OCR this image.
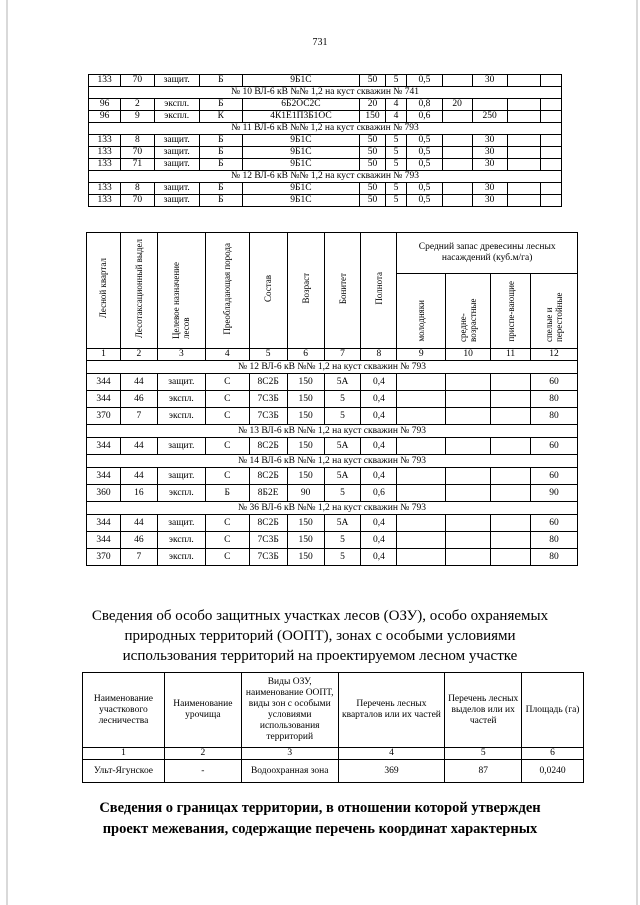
731
133	70	защит.	Б	9Б1С	50	5	0,5		30		
№ 10 ВЛ-6 кВ №№ 1,2 на куст скважин № 741											
96	2	экспл.	Б	6Б2ОС2С	20	4	0,8	20			
96	9	экспл.	К	4К1Е1П3Б1ОС	150	4	0,6		250		
№ 11 ВЛ-6 кВ №№ 1,2 на куст скважин № 793											
133	8	защит.	Б	9Б1С	50	5	0,5		30		
133	70	защит.	Б	9Б1С	50	5	0,5		30		
133	71	защит.	Б	9Б1С	50	5	0,5		30		
№ 12 ВЛ-6 кВ №№ 1,2 на куст скважин № 793											
133	8	защит.	Б	9Б1С	50	5	0,5		30		
133	70	защит.	Б	9Б1С	50	5	0,5		30		
Лесной квартал	Лесотаксационный выдел	Целевое назначение лесов	Преобладающая порода	Состав	Возраст	Бонитет	Полнота	Средний запас древесины лесных насаждений (куб.м/га)			
								молодняки	средне-возрастные	приспе-вающие	спелые и перестойные
1	2	3	4	5	6	7	8	9	10	11	12
№ 12 ВЛ-6 кВ №№ 1,2 на куст скважин № 793											
344	44	защит.	С	8С2Б	150	5А	0,4				60
344	46	экспл.	С	7С3Б	150	5	0,4				80
370	7	экспл.	С	7С3Б	150	5	0,4				80
№ 13 ВЛ-6 кВ №№ 1,2 на куст скважин № 793											
344	44	защит.	С	8С2Б	150	5А	0,4				60
№ 14 ВЛ-6 кВ №№ 1,2 на куст скважин № 793											
344	44	защит.	С	8С2Б	150	5А	0,4				60
360	16	экспл.	Б	8Б2Е	90	5	0,6				90
№ 36 ВЛ-6 кВ №№ 1,2 на куст скважин № 793											
344	44	защит.	С	8С2Б	150	5А	0,4				60
344	46	экспл.	С	7С3Б	150	5	0,4				80
370	7	экспл.	С	7С3Б	150	5	0,4				80
Сведения об особо защитных участках лесов (ОЗУ), особо охраняемых
природных территорий (ООПТ), зонах с особыми условиями
использования территорий на проектируемом лесном участке
Наименование участкового лесничества	Наименование урочища	Виды ОЗУ, наименование ООПТ, виды зон с особыми условиями использования территорий	Перечень лесных кварталов или их частей	Перечень лесных выделов или их частей	Площадь (га)
1	2	3	4	5	6
Ульт-Ягунское	-	Водоохранная зона	369	87	0,0240
Сведения о границах территории, в отношении которой утвержден
проект межевания, содержащие перечень координат характерных
